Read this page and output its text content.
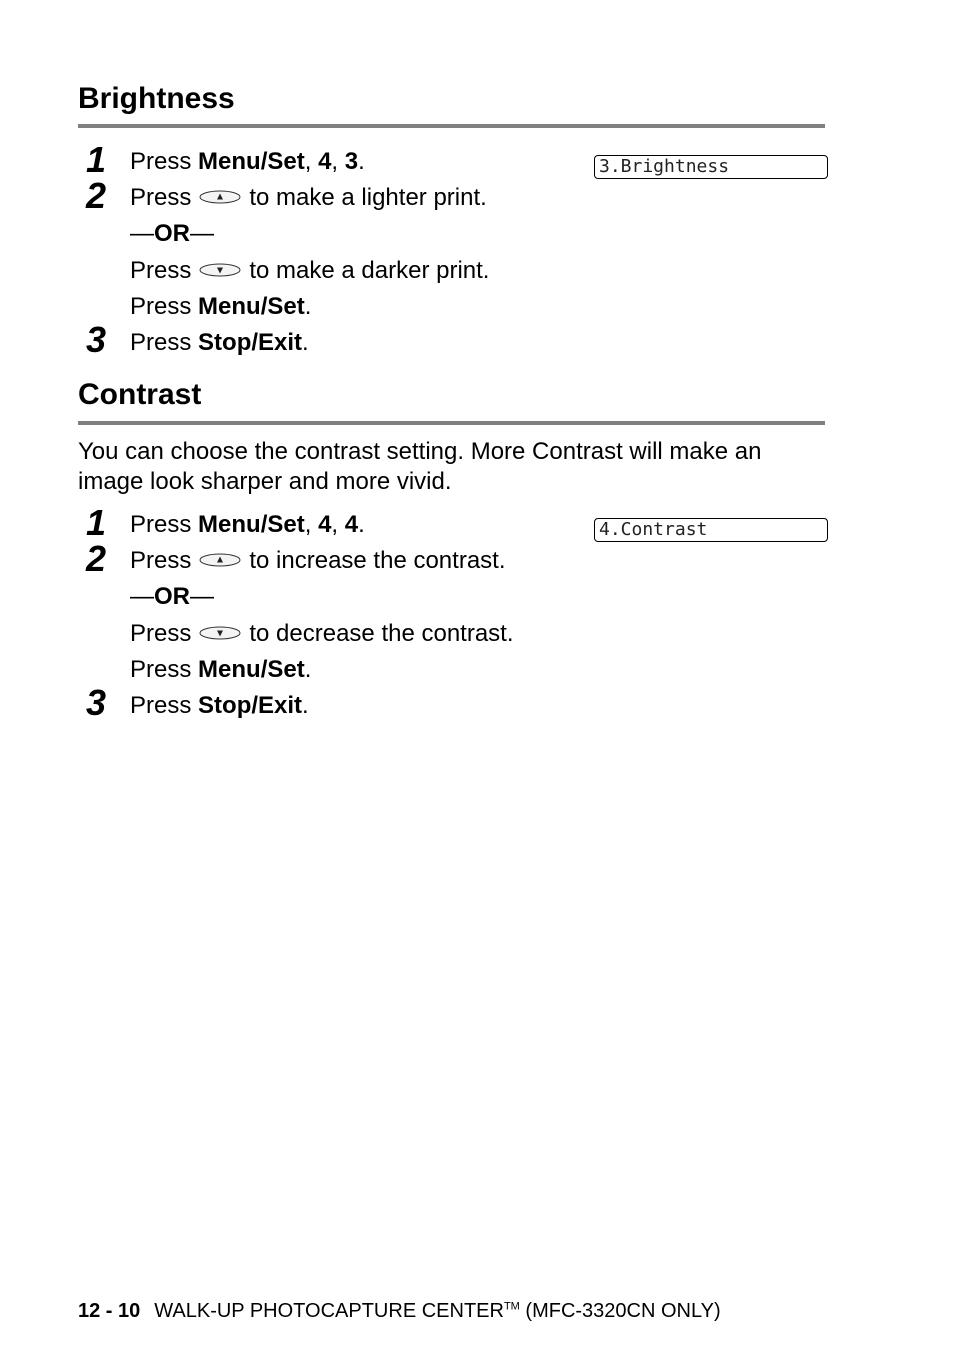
Brightness
3.Brightness
1 Press Menu/Set, 4, 3.
2 Press to make a lighter print.
—OR—
Press to make a darker print.
Press Menu/Set.
3 Press Stop/Exit.
Contrast
You can choose the contrast setting. More Contrast will make an image look sharper and more vivid.
4.Contrast
1 Press Menu/Set, 4, 4.
2 Press to increase the contrast.
—OR—
Press to decrease the contrast.
Press Menu/Set.
3 Press Stop/Exit.
12 - 10 WALK-UP PHOTOCAPTURE CENTER™ (MFC-3320CN ONLY)
